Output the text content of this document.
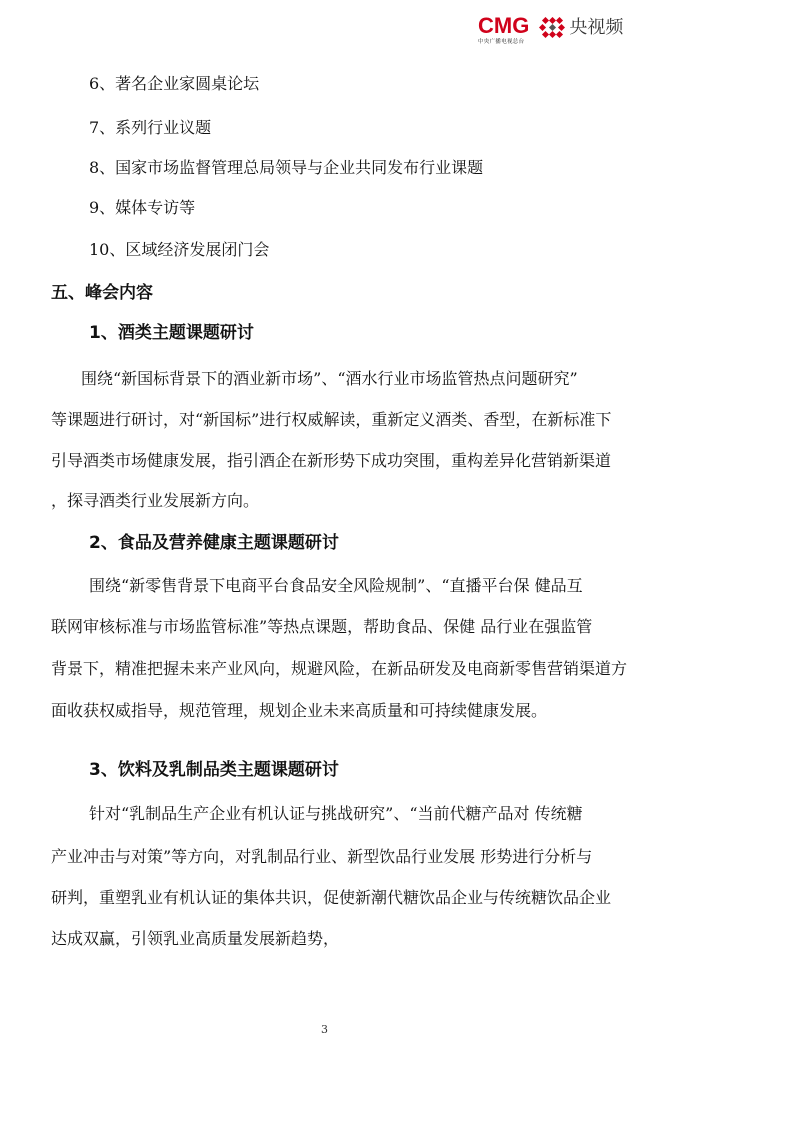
CMG
中央广播电视总台
央视频
6、著名企业家圆桌论坛
7、系列行业议题
8、国家市场监督管理总局领导与企业共同发布行业课题
9、媒体专访等
10、区域经济发展闭门会
五、峰会内容
1、酒类主题课题研讨
围绕“新国标背景下的酒业新市场”、“酒水行业市场监管热点问题研究”
等课题进行研讨，对“新国标”进行权威解读，重新定义酒类、香型，在新标准下
引导酒类市场健康发展，指引酒企在新形势下成功突围，重构差异化营销新渠道
，探寻酒类行业发展新方向。
2、食品及营养健康主题课题研讨
围绕“新零售背景下电商平台食品安全风险规制”、“直播平台保 健品互
联网审核标准与市场监管标准”等热点课题，帮助食品、保健 品行业在强监管
背景下，精准把握未来产业风向，规避风险，在新品研发及电商新零售营销渠道方
面收获权威指导，规范管理，规划企业未来高质量和可持续健康发展。
3、饮料及乳制品类主题课题研讨
针对“乳制品生产企业有机认证与挑战研究”、“当前代糖产品对 传统糖
产业冲击与对策”等方向，对乳制品行业、新型饮品行业发展 形势进行分析与
研判，重塑乳业有机认证的集体共识，促使新潮代糖饮品企业与传统糖饮品企业
达成双赢，引领乳业高质量发展新趋势，
3
